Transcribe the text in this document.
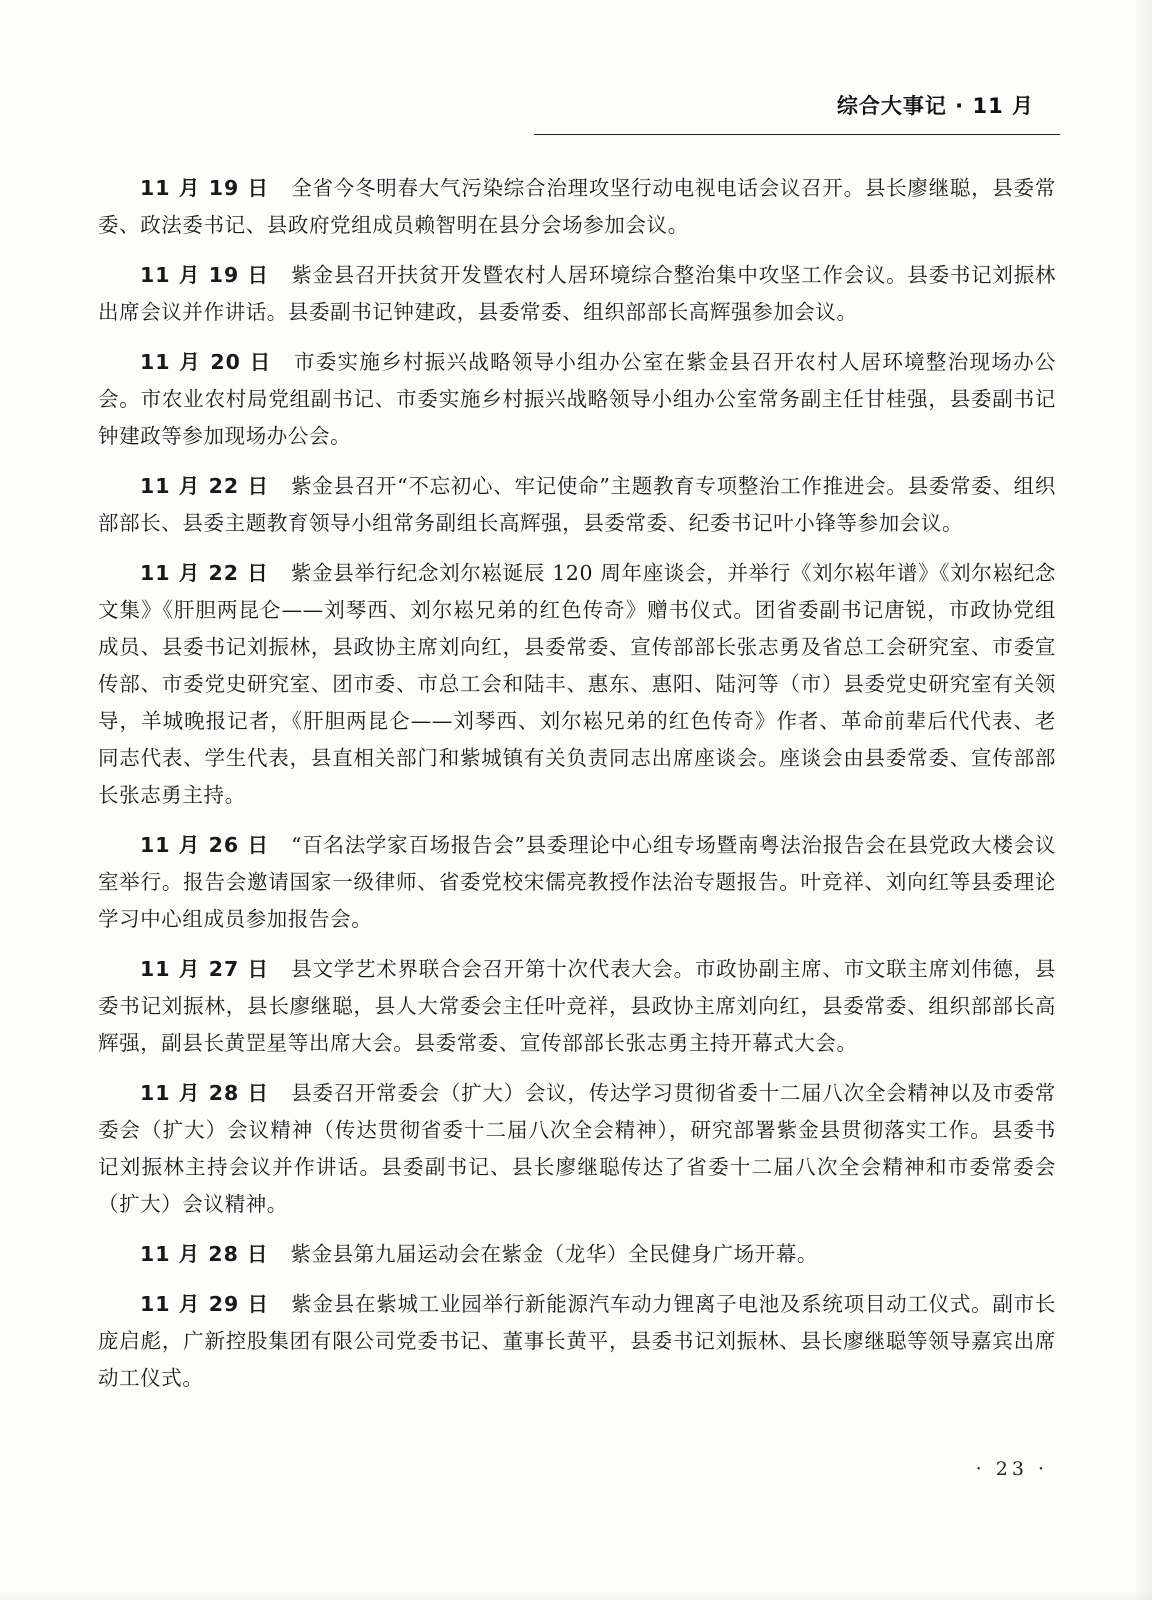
综合大事记 · 11 月

11 月 19 日 全省今冬明春大气污染综合治理攻坚行动电视电话会议召开。县长廖继聪，县委常委、政法委书记、县政府党组成员赖智明在县分会场参加会议。

11 月 19 日 紫金县召开扶贫开发暨农村人居环境综合整治集中攻坚工作会议。县委书记刘振林出席会议并作讲话。县委副书记钟建政，县委常委、组织部部长高辉强参加会议。

11 月 20 日 市委实施乡村振兴战略领导小组办公室在紫金县召开农村人居环境整治现场办公会。市农业农村局党组副书记、市委实施乡村振兴战略领导小组办公室常务副主任甘桂强，县委副书记钟建政等参加现场办公会。

11 月 22 日 紫金县召开“不忘初心、牢记使命”主题教育专项整治工作推进会。县委常委、组织部部长、县委主题教育领导小组常务副组长高辉强，县委常委、纪委书记叶小锋等参加会议。

11 月 22 日 紫金县举行纪念刘尔崧诞辰 120 周年座谈会，并举行《刘尔崧年谱》《刘尔崧纪念文集》《肝胆两昆仑——刘琴西、刘尔崧兄弟的红色传奇》赠书仪式。团省委副书记唐锐，市政协党组成员、县委书记刘振林，县政协主席刘向红，县委常委、宣传部部长张志勇及省总工会研究室、市委宣传部、市委党史研究室、团市委、市总工会和陆丰、惠东、惠阳、陆河等（市）县委党史研究室有关领导，羊城晚报记者，《肝胆两昆仑——刘琴西、刘尔崧兄弟的红色传奇》作者、革命前辈后代代表、老同志代表、学生代表，县直相关部门和紫城镇有关负责同志出席座谈会。座谈会由县委常委、宣传部部长张志勇主持。

11 月 26 日 “百名法学家百场报告会”县委理论中心组专场暨南粤法治报告会在县党政大楼会议室举行。报告会邀请国家一级律师、省委党校宋儒亮教授作法治专题报告。叶竞祥、刘向红等县委理论学习中心组成员参加报告会。

11 月 27 日 县文学艺术界联合会召开第十次代表大会。市政协副主席、市文联主席刘伟德，县委书记刘振林，县长廖继聪，县人大常委会主任叶竞祥，县政协主席刘向红，县委常委、组织部部长高辉强，副县长黄罡星等出席大会。县委常委、宣传部部长张志勇主持开幕式大会。

11 月 28 日 县委召开常委会（扩大）会议，传达学习贯彻省委十二届八次全会精神以及市委常委会（扩大）会议精神（传达贯彻省委十二届八次全会精神），研究部署紫金县贯彻落实工作。县委书记刘振林主持会议并作讲话。县委副书记、县长廖继聪传达了省委十二届八次全会精神和市委常委会（扩大）会议精神。

11 月 28 日 紫金县第九届运动会在紫金（龙华）全民健身广场开幕。

11 月 29 日 紫金县在紫城工业园举行新能源汽车动力锂离子电池及系统项目动工仪式。副市长庞启彪，广新控股集团有限公司党委书记、董事长黄平，县委书记刘振林、县长廖继聪等领导嘉宾出席动工仪式。

· 23 ·
